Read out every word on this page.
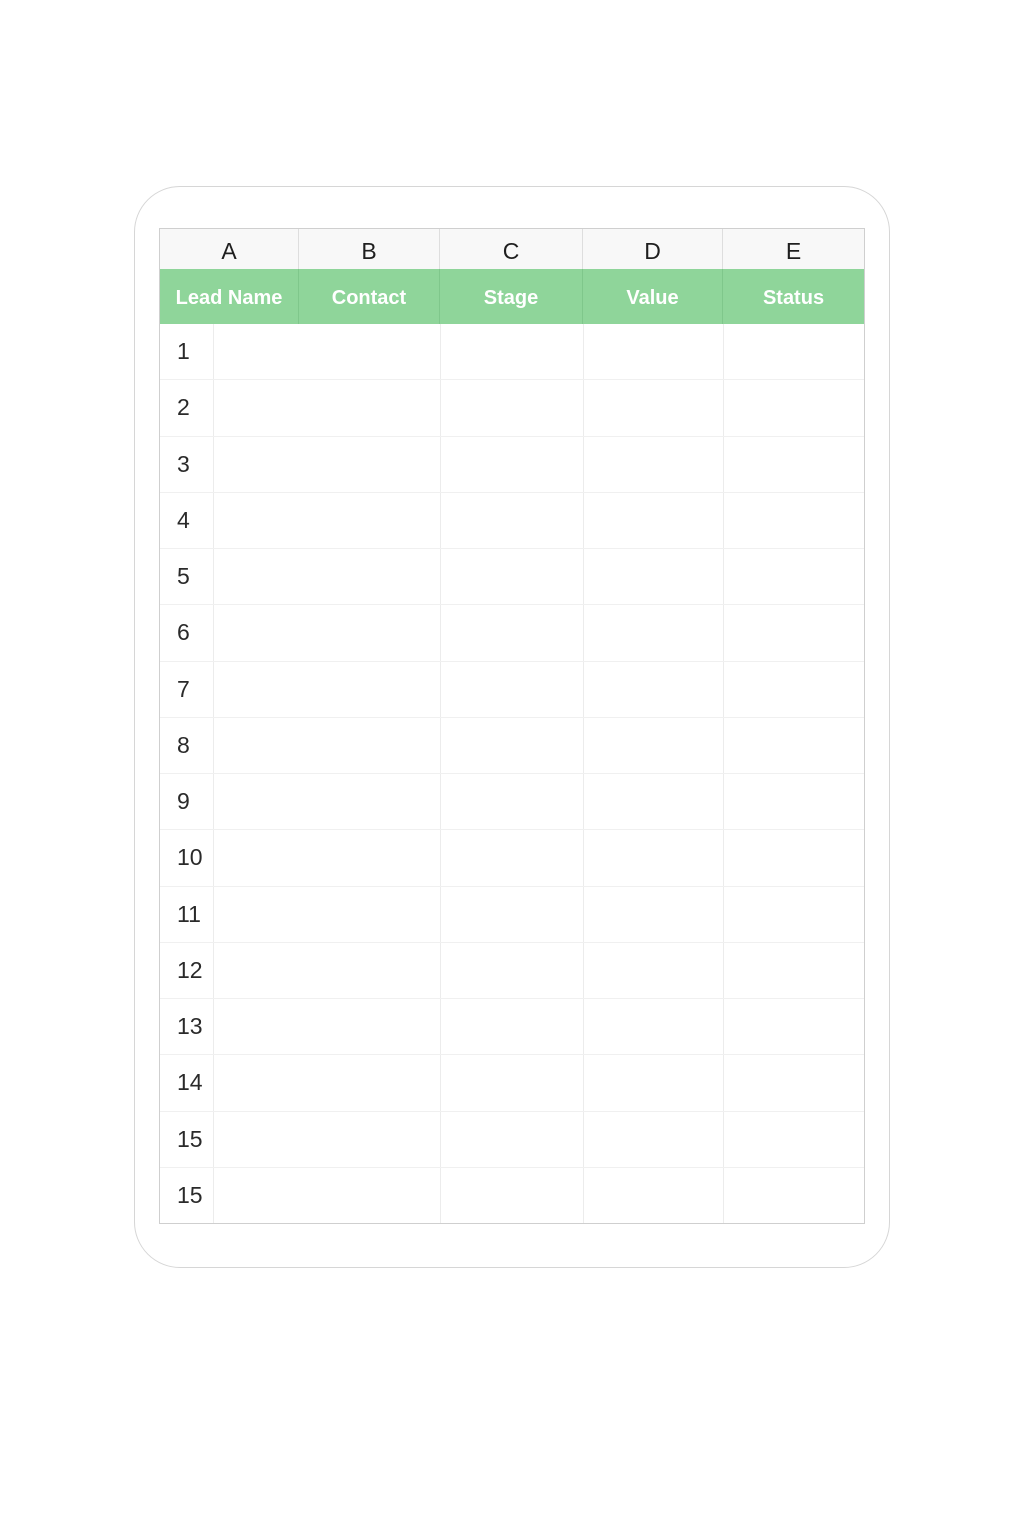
A	B	C	D	E
Lead Name	Contact	Stage	Value	Status
1
2
3
4
5
6
7
8
9
10
11
12
13
14
15
15
